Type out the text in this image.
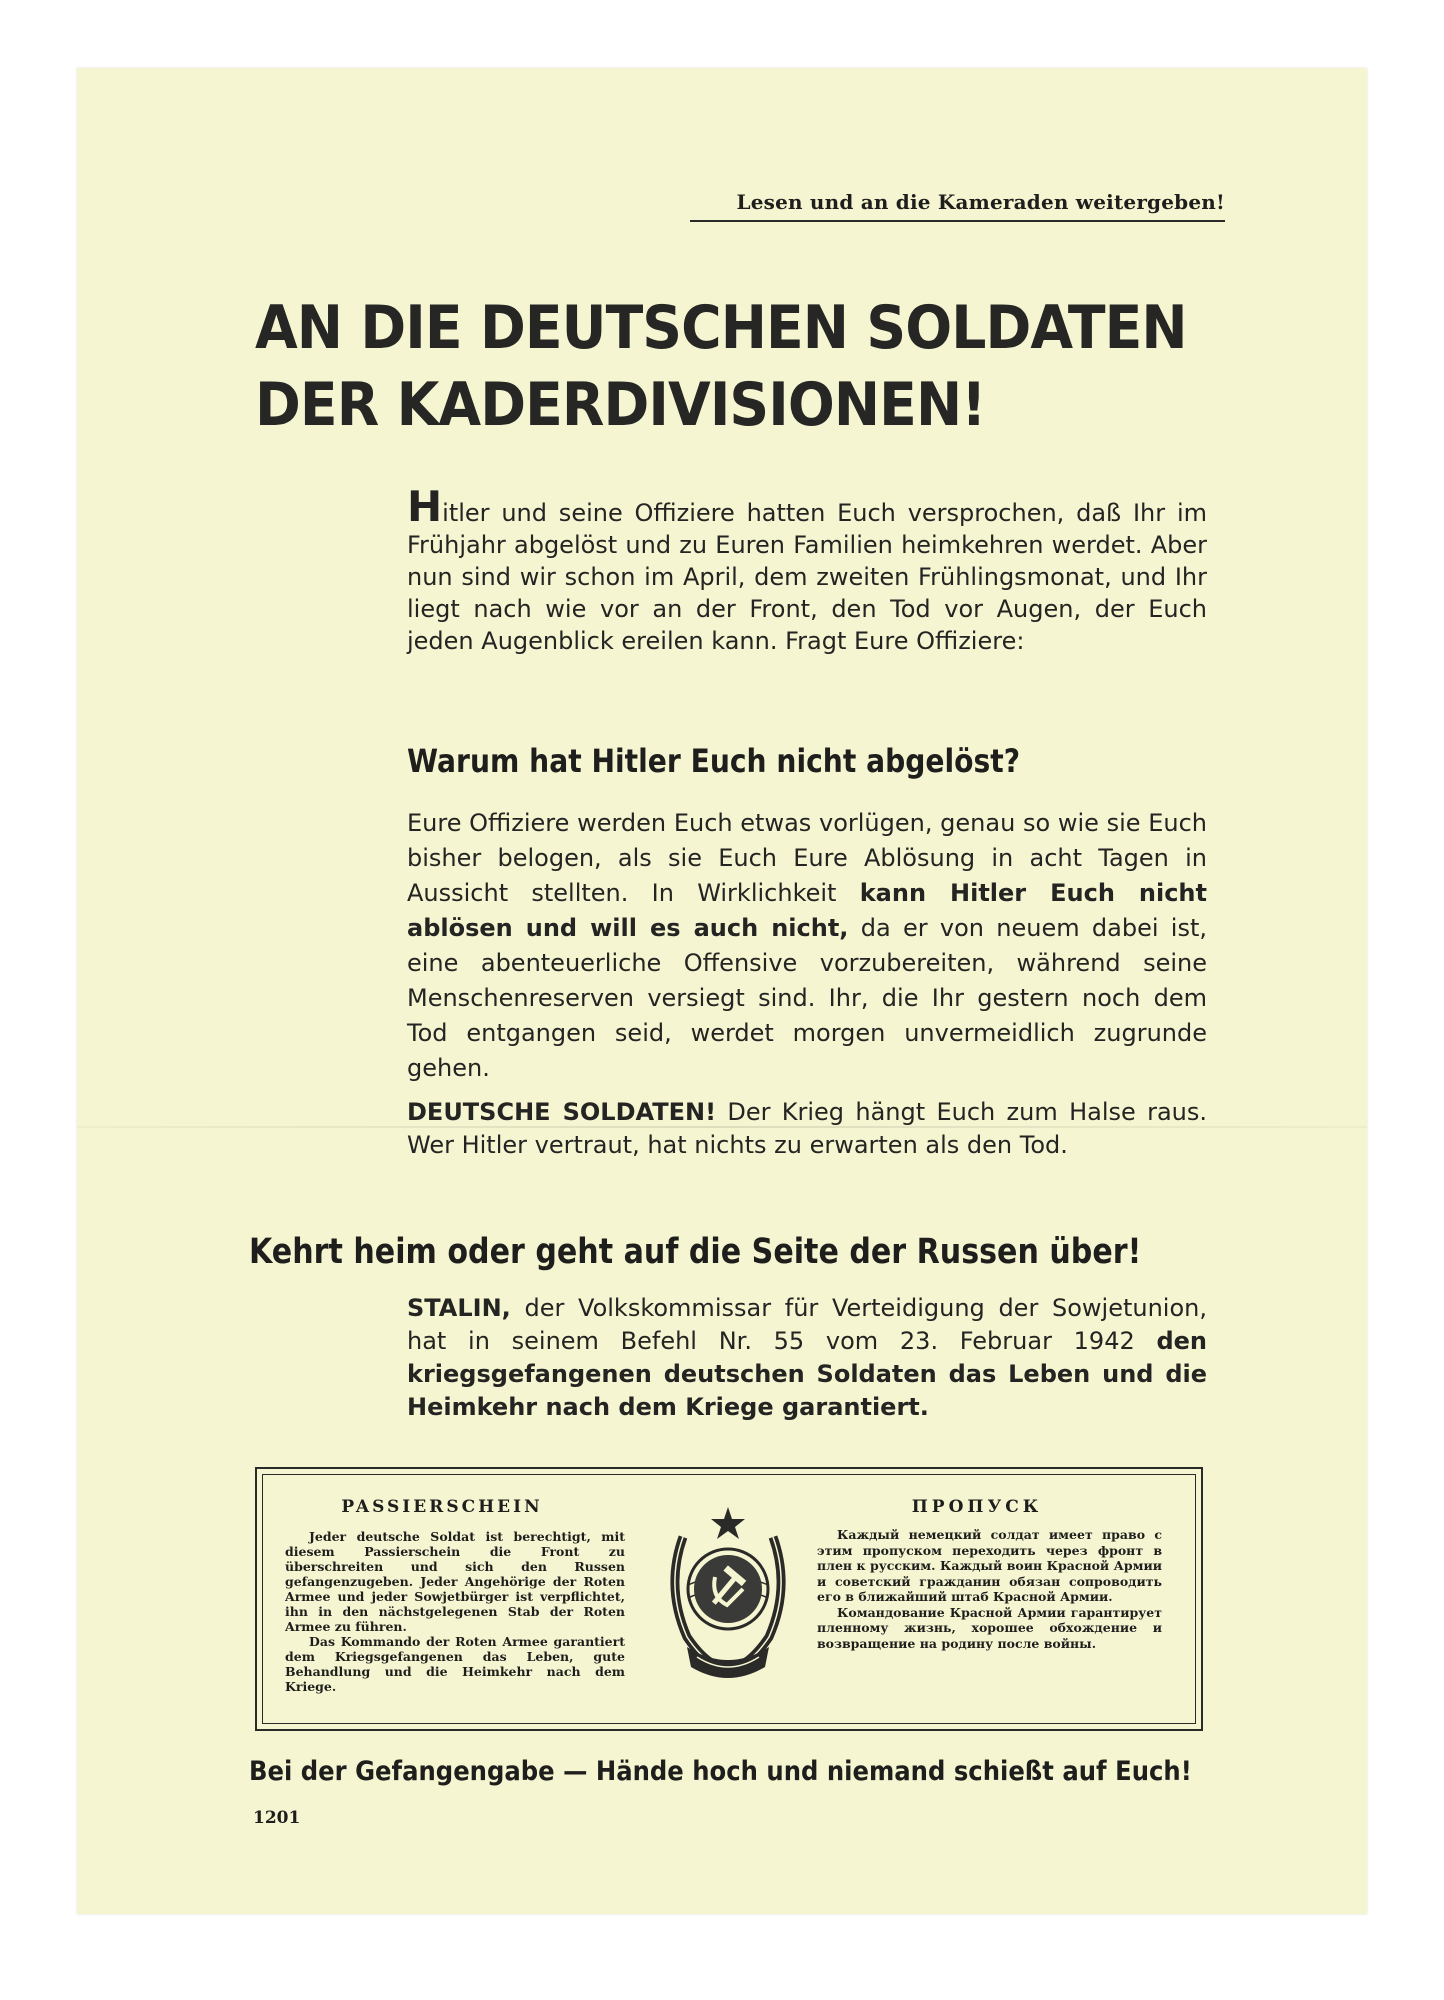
Lesen und an die Kameraden weitergeben!
AN DIE DEUTSCHEN SOLDATEN
DER KADERDIVISIONEN!
Hitler und seine Offiziere hatten Euch versprochen, daß Ihr im Frühjahr abgelöst und zu Euren Familien heimkehren werdet. Aber nun sind wir schon im April, dem zweiten Frühlingsmonat, und Ihr liegt nach wie vor an der Front, den Tod vor Augen, der Euch jeden Augenblick ereilen kann. Fragt Eure Offiziere:
Warum hat Hitler Euch nicht abgelöst?
Eure Offiziere werden Euch etwas vorlügen, genau so wie sie Euch bisher belogen, als sie Euch Eure Ablösung in acht Tagen in Aussicht stellten. In Wirklichkeit kann Hitler Euch nicht ablösen und will es auch nicht, da er von neuem dabei ist, eine abenteuerliche Offensive vorzubereiten, während seine Menschenreserven versiegt sind. Ihr, die Ihr gestern noch dem Tod entgangen seid, werdet morgen unvermeidlich zugrunde gehen.
DEUTSCHE SOLDATEN! Der Krieg hängt Euch zum Halse raus. Wer Hitler vertraut, hat nichts zu erwarten als den Tod.
Kehrt heim oder geht auf die Seite der Russen über!
STALIN, der Volkskommissar für Verteidigung der Sowjetunion, hat in seinem Befehl Nr. 55 vom 23. Februar 1942 den kriegsgefangenen deutschen Soldaten das Leben und die Heimkehr nach dem Kriege garantiert.
PASSIERSCHEIN

Jeder deutsche Soldat ist berechtigt, mit diesem Passierschein die Front zu überschreiten und sich den Russen gefangenzugeben. Jeder Angehörige der Roten Armee und jeder Sowjetbürger ist verpflichtet, ihn in den nächstgelegenen Stab der Roten Armee zu führen.

Das Kommando der Roten Armee garantiert dem Kriegsgefangenen das Leben, gute Behandlung und die Heimkehr nach dem Kriege.

ПРОПУСК

Каждый немецкий солдат имеет право с этим пропуском переходить через фронт в плен к русским. Каждый воин Красной Армии и советский гражданин обязан сопроводить его в ближайший штаб Красной Армии.

Командование Красной Армии гарантирует пленному жизнь, хорошее обхождение и возвращение на родину после войны.

Bei der Gefangengabe — Hände hoch und niemand schießt auf Euch!
1201
